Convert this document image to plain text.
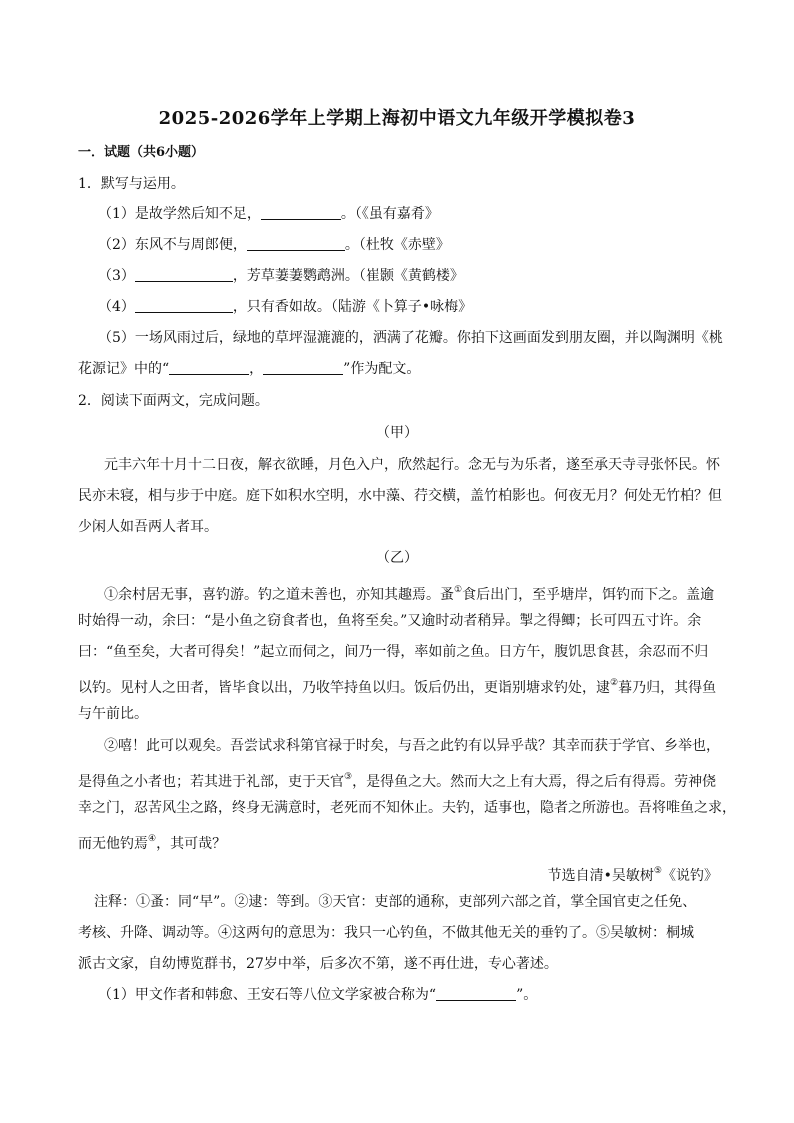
2025-2026学年上学期上海初中语文九年级开学模拟卷3
一．试题（共6小题）
1．默写与运用。
（1）是故学然后知不足，	。（《虽有嘉肴》
（2）东风不与周郎便，	。（杜牧《赤壁》
（3）	，芳草萋萋鹦鹉洲。（崔颢《黄鹤楼》
（4）	，只有香如故。（陆游《卜算子•咏梅》
（5）一场风雨过后，绿地的草坪湿漉漉的，洒满了花瓣。你拍下这画面发到朋友圈，并以陶渊明《桃
花源记》中的“	，	”作为配文。
2．阅读下面两文，完成问题。
（甲）
元丰六年十月十二日夜，解衣欲睡，月色入户，欣然起行。念无与为乐者，遂至承天寺寻张怀民。怀
民亦未寝，相与步于中庭。庭下如积水空明，水中藻、荇交横，盖竹柏影也。何夜无月？何处无竹柏？但
少闲人如吾两人者耳。
（乙）
①余村居无事，喜钓游。钓之道未善也，亦知其趣焉。蚤①食后出门，至乎塘岸，饵钓而下之。盖逾
时始得一动，余曰：“是小鱼之窃食者也，鱼将至矣。”又逾时动者稍异。掣之得鲫；长可四五寸许。余
曰：“鱼至矣，大者可得矣！”起立而伺之，间乃一得，率如前之鱼。日方午，腹饥思食甚，余忍而不归
以钓。见村人之田者，皆毕食以出，乃收竿持鱼以归。饭后仍出，更诣别塘求钓处，逮②暮乃归，其得鱼
与午前比。
②嘻！此可以观矣。吾尝试求科第官禄于时矣，与吾之此钓有以异乎哉？其幸而获于学官、乡举也，
是得鱼之小者也；若其进于礼部，吏于天官③，是得鱼之大。然而大之上有大焉，得之后有得焉。劳神侥
幸之门，忍苦风尘之路，终身无满意时，老死而不知休止。夫钓，适事也，隐者之所游也。吾将唯鱼之求，
而无他钓焉④，其可哉？
节选自清•吴敏树⑤《说钓》
注释：①蚤：同“早”。②逮：等到。③天官：吏部的通称，吏部列六部之首，掌全国官吏之任免、
考核、升降、调动等。④这两句的意思为：我只一心钓鱼，不做其他无关的垂钓了。⑤吴敏树：桐城
派古文家，自幼博览群书，27岁中举，后多次不第，遂不再仕进，专心著述。
（1）甲文作者和韩愈、王安石等八位文学家被合称为“	”。
